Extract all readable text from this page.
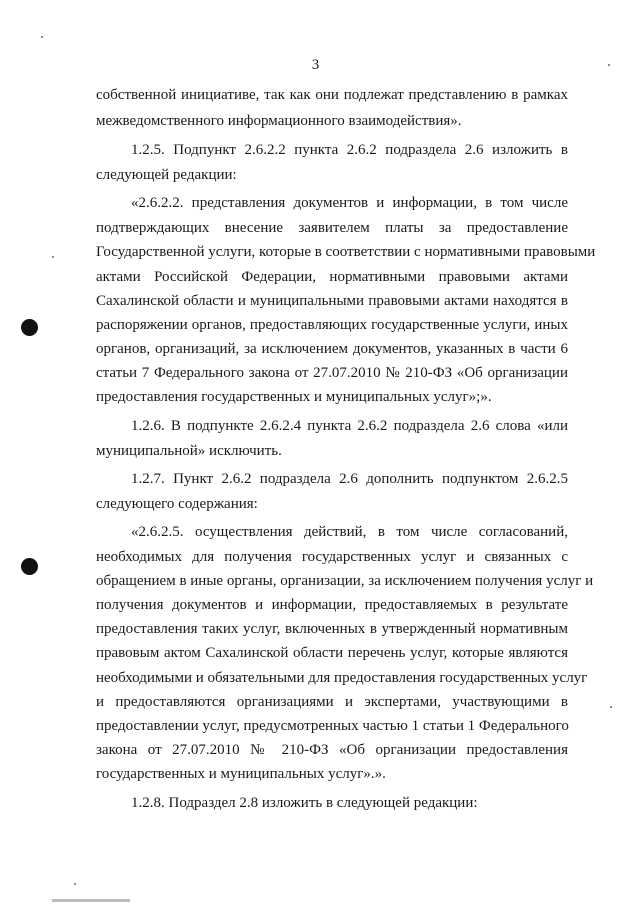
3
собственной инициативе, так как они подлежат представлению в рамках
межведомственного информационного взаимодействия».
1.2.5. Подпункт 2.6.2.2 пункта 2.6.2 подраздела 2.6 изложить в
следующей редакции:
«2.6.2.2. представления документов и информации, в том числе
подтверждающих внесение заявителем платы за предоставление
Государственной услуги, которые в соответствии с нормативными правовыми
актами Российской Федерации, нормативными правовыми актами
Сахалинской области и муниципальными правовыми актами находятся в
распоряжении органов, предоставляющих государственные услуги, иных
органов, организаций, за исключением документов, указанных в части 6
статьи 7 Федерального закона от 27.07.2010 № 210-ФЗ «Об организации
предоставления государственных и муниципальных услуг»;».
1.2.6. В подпункте 2.6.2.4 пункта 2.6.2 подраздела 2.6 слова «или
муниципальной» исключить.
1.2.7. Пункт 2.6.2 подраздела 2.6 дополнить подпунктом 2.6.2.5
следующего содержания:
«2.6.2.5. осуществления действий, в том числе согласований,
необходимых для получения государственных услуг и связанных с
обращением в иные органы, организации, за исключением получения услуг и
получения документов и информации, предоставляемых в результате
предоставления таких услуг, включенных в утвержденный нормативным
правовым актом Сахалинской области перечень услуг, которые являются
необходимыми и обязательными для предоставления государственных услуг
и предоставляются организациями и экспертами, участвующими в
предоставлении услуг, предусмотренных частью 1 статьи 1 Федерального
закона от 27.07.2010 № 210-ФЗ «Об организации предоставления
государственных и муниципальных услуг».».
1.2.8. Подраздел 2.8 изложить в следующей редакции:
